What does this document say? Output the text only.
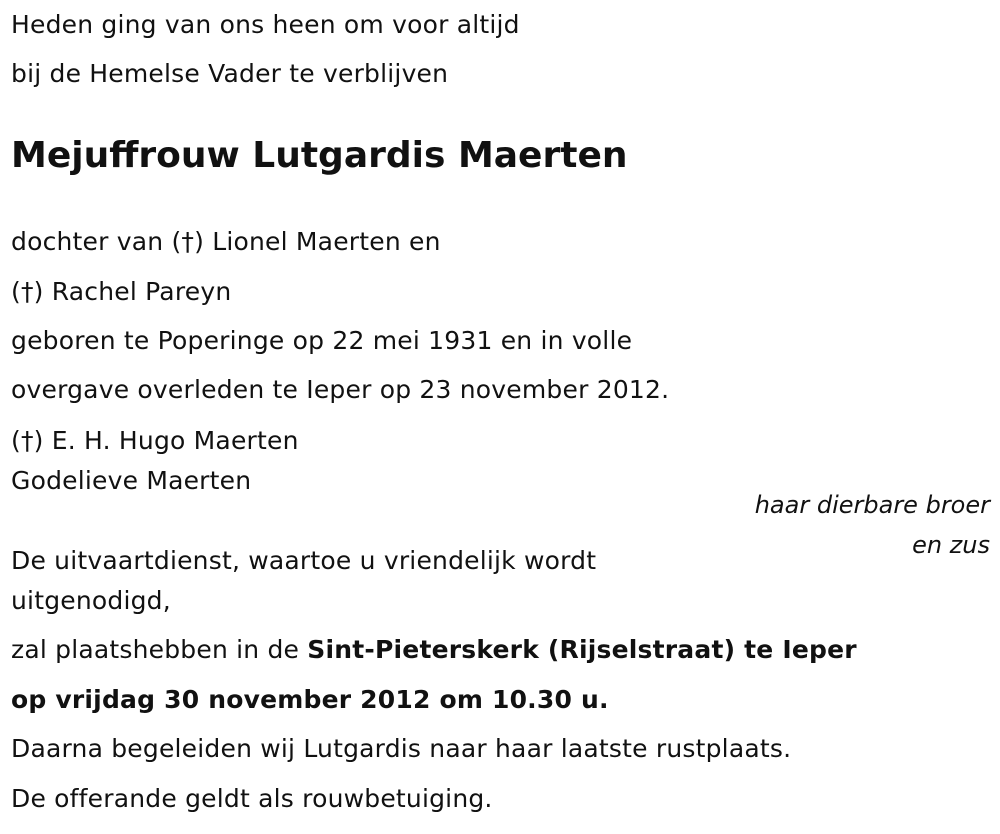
Heden ging van ons heen om voor altijd
bij de Hemelse Vader te verblijven
Mejuffrouw Lutgardis Maerten
dochter van (†) Lionel Maerten en
(†) Rachel Pareyn
geboren te Poperinge op 22 mei 1931 en in volle
overgave overleden te Ieper op 23 november 2012.
(†) E. H. Hugo Maerten
Godelieve Maerten
haar dierbare broer
en zus
De uitvaartdienst, waartoe u vriendelijk wordt
uitgenodigd,
zal plaatshebben in de Sint-Pieterskerk (Rijselstraat) te Ieper
op vrijdag 30 november 2012 om 10.30 u.
Daarna begeleiden wij Lutgardis naar haar laatste rustplaats.
De offerande geldt als rouwbetuiging.
